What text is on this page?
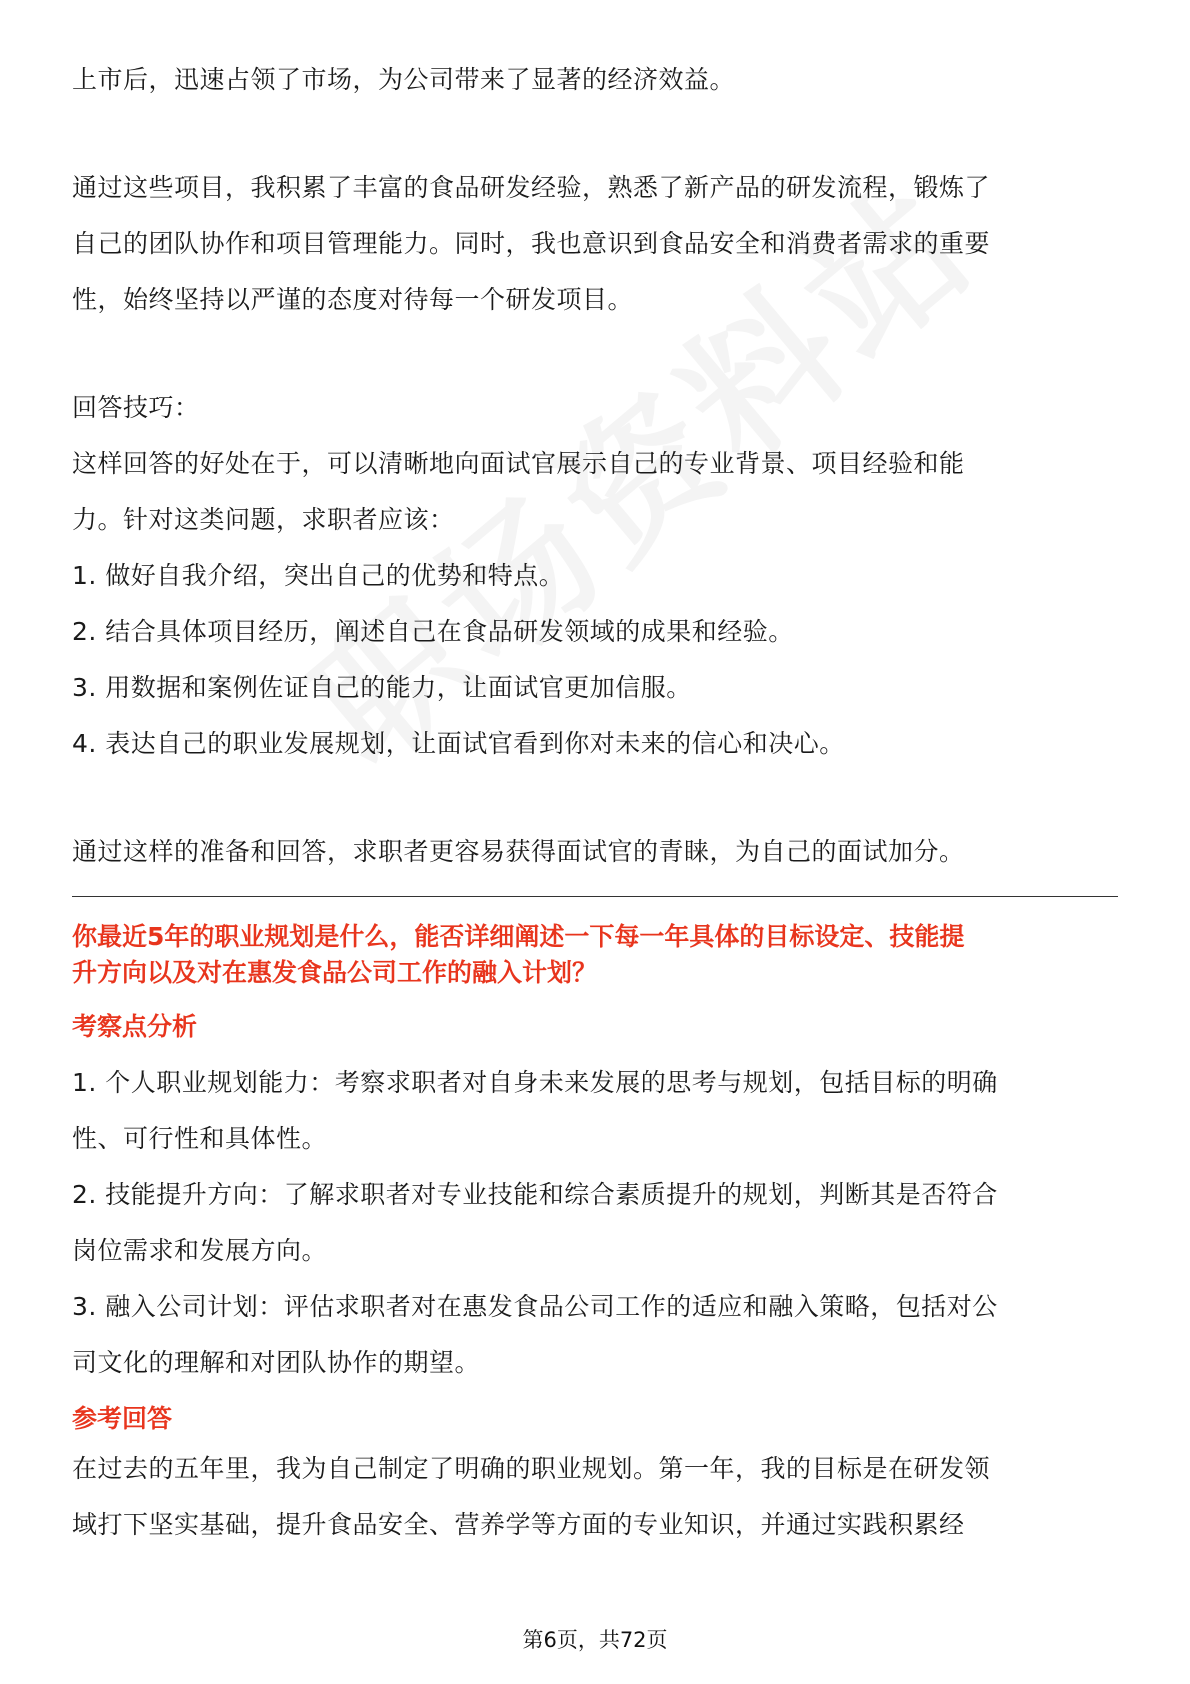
上市后，迅速占领了市场，为公司带来了显著的经济效益。

通过这些项目，我积累了丰富的食品研发经验，熟悉了新产品的研发流程，锻炼了

自己的团队协作和项目管理能力。同时，我也意识到食品安全和消费者需求的重要

性，始终坚持以严谨的态度对待每一个研发项目。

回答技巧：

这样回答的好处在于，可以清晰地向面试官展示自己的专业背景、项目经验和能

力。针对这类问题，求职者应该：

1. 做好自我介绍，突出自己的优势和特点。

2. 结合具体项目经历，阐述自己在食品研发领域的成果和经验。

3. 用数据和案例佐证自己的能力，让面试官更加信服。

4. 表达自己的职业发展规划，让面试官看到你对未来的信心和决心。

通过这样的准备和回答，求职者更容易获得面试官的青睐，为自己的面试加分。

你最近5年的职业规划是什么，能否详细阐述一下每一年具体的目标设定、技能提

升方向以及对在惠发食品公司工作的融入计划？

考察点分析

1. 个人职业规划能力：考察求职者对自身未来发展的思考与规划，包括目标的明确

性、可行性和具体性。

2. 技能提升方向：了解求职者对专业技能和综合素质提升的规划，判断其是否符合

岗位需求和发展方向。

3. 融入公司计划：评估求职者对在惠发食品公司工作的适应和融入策略，包括对公

司文化的理解和对团队协作的期望。

参考回答

在过去的五年里，我为自己制定了明确的职业规划。第一年，我的目标是在研发领

域打下坚实基础，提升食品安全、营养学等方面的专业知识，并通过实践积累经

第6页，共72页
